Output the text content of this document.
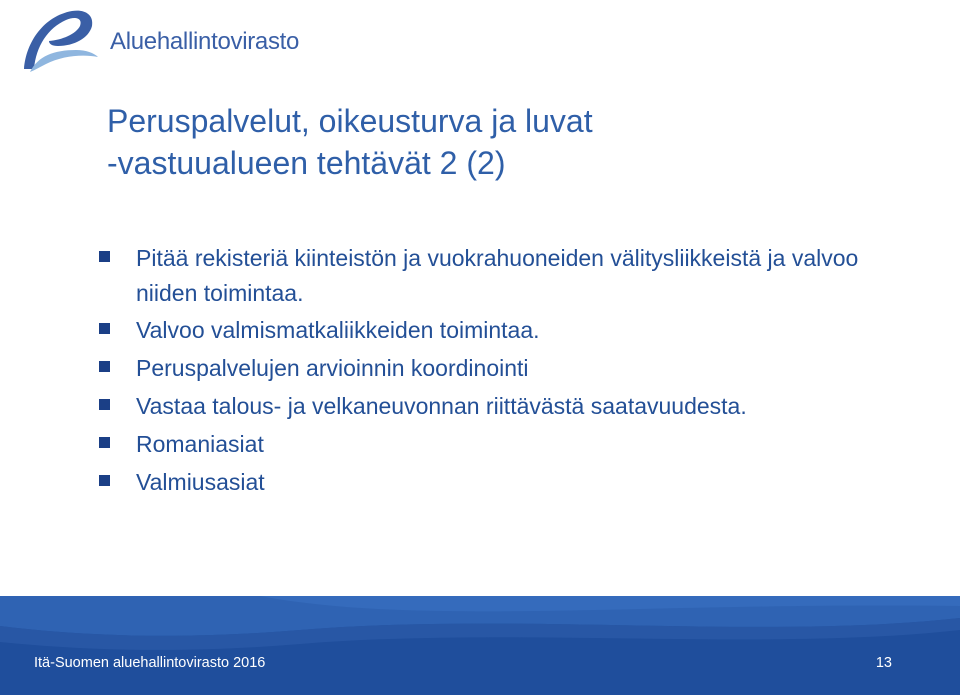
Aluehallintovirasto
Peruspalvelut, oikeusturva ja luvat
-vastuualueen tehtävät 2 (2)
Pitää rekisteriä kiinteistön ja vuokrahuoneiden välitysliikkeistä ja valvoo niiden toimintaa.
Valvoo valmismatkaliikkeiden toimintaa.
Peruspalvelujen arvioinnin koordinointi
Vastaa talous- ja velkaneuvonnan riittävästä saatavuudesta.
Romaniasiat
Valmiusasiat
Itä-Suomen aluehallintovirasto 2016	13
